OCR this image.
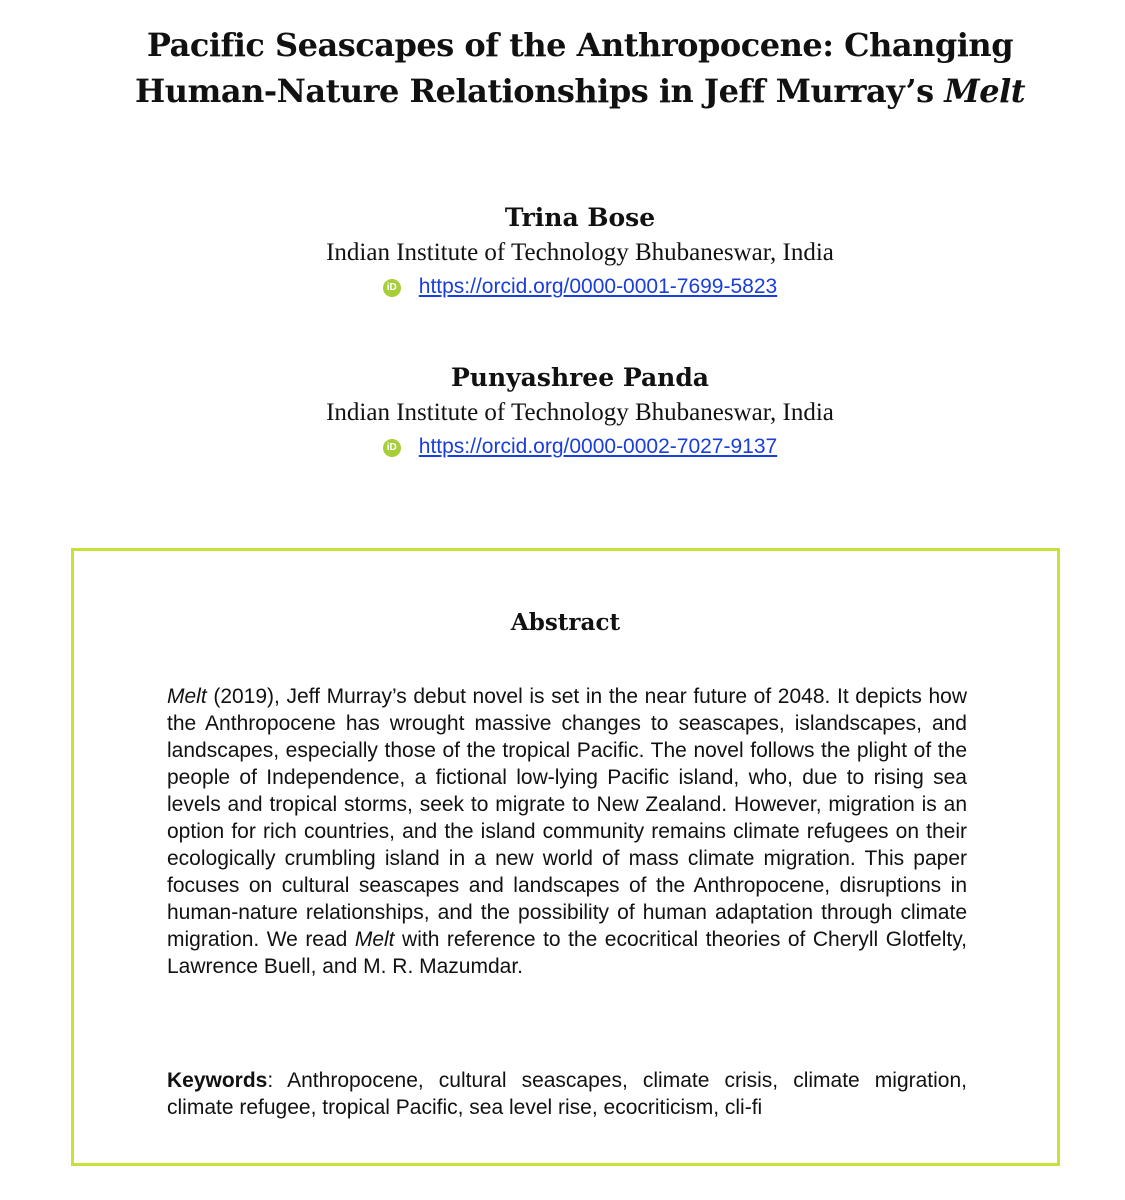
Pacific Seascapes of the Anthropocene: Changing
Human-Nature Relationships in Jeff Murray’s Melt
Trina Bose
Indian Institute of Technology Bhubaneswar, India
iD https://orcid.org/0000-0001-7699-5823
Punyashree Panda
Indian Institute of Technology Bhubaneswar, India
iD https://orcid.org/0000-0002-7027-9137
Abstract
Melt (2019), Jeff Murray’s debut novel is set in the near future of 2048. It depicts how the Anthropocene has wrought massive changes to seascapes, islandscapes, and landscapes, especially those of the tropical Pacific. The novel follows the plight of the people of Independence, a fictional low-lying Pacific island, who, due to rising sea levels and tropical storms, seek to migrate to New Zealand. However, migration is an option for rich countries, and the island community remains climate refugees on their ecologically crumbling island in a new world of mass climate migration. This paper focuses on cultural seascapes and landscapes of the Anthropocene, disruptions in human-nature relationships, and the possibility of human adaptation through climate migration. We read Melt with reference to the ecocritical theories of Cheryll Glotfelty, Lawrence Buell, and M. R. Mazumdar.
Keywords: Anthropocene, cultural seascapes, climate crisis, climate migration, climate refugee, tropical Pacific, sea level rise, ecocriticism, cli-fi
